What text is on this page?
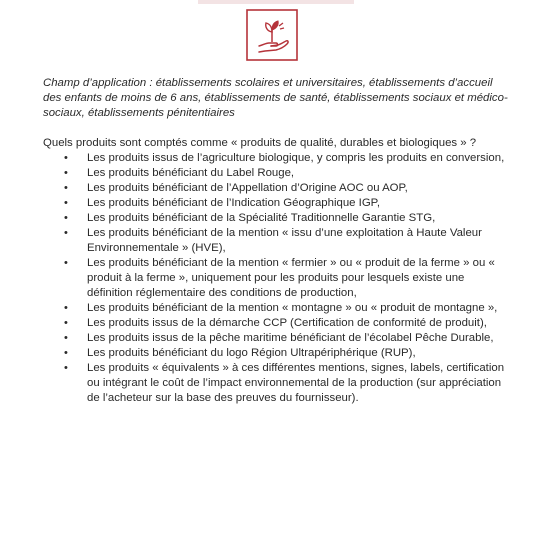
Champ d’application : établissements scolaires et universitaires, établissements d’accueil des enfants de moins de 6 ans, établissements de santé, établissements sociaux et médico-sociaux, établissements pénitentiaires

Quels produits sont comptés comme « produits de qualité, durables et biologiques » ?

• Les produits issus de l’agriculture biologique, y compris les produits en conversion,
• Les produits bénéficiant du Label Rouge,
• Les produits bénéficiant de l’Appellation d’Origine AOC ou AOP,
• Les produits bénéficiant de l’Indication Géographique IGP,
• Les produits bénéficiant de la Spécialité Traditionnelle Garantie STG,
• Les produits bénéficiant de la mention « issu d’une exploitation à Haute Valeur Environnementale » (HVE),
• Les produits bénéficiant de la mention « fermier » ou « produit de la ferme » ou « produit à la ferme », uniquement pour les produits pour lesquels existe une définition réglementaire des conditions de production,
• Les produits bénéficiant de la mention « montagne » ou « produit de montagne »,
• Les produits issus de la démarche CCP (Certification de conformité de produit),
• Les produits issus de la pêche maritime bénéficiant de l’écolabel Pêche Durable,
• Les produits bénéficiant du logo Région Ultrapériphérique (RUP),
• Les produits « équivalents » à ces différentes mentions, signes, labels, certification ou intégrant le coût de l’impact environnemental de la production (sur appréciation de l’acheteur sur la base des preuves du fournisseur).
